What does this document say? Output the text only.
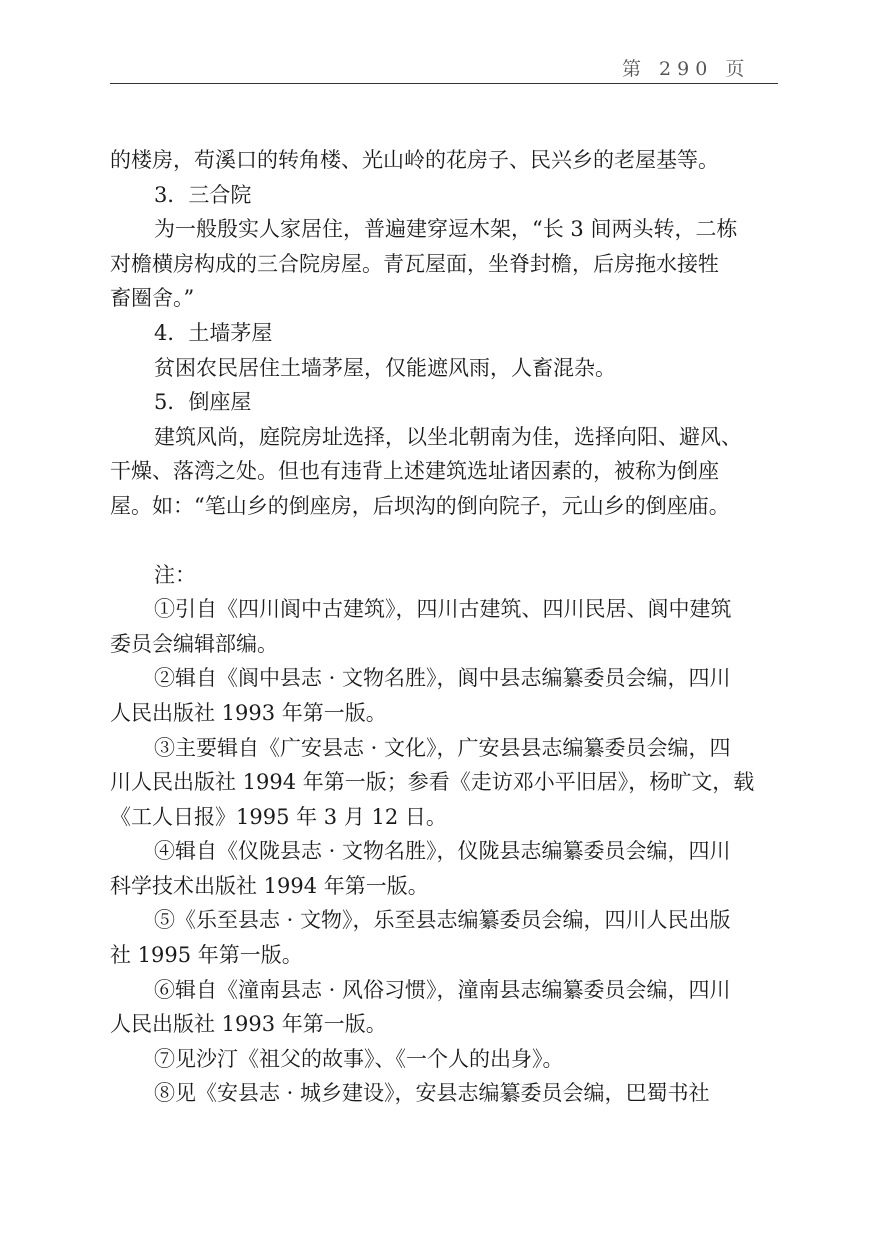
第 290 页

的楼房，苟溪口的转角楼、光山岭的花房子、民兴乡的老屋基等。

3．三合院

为一般殷实人家居住，普遍建穿逗木架，“长 3 间两头转，二栋

对檐横房构成的三合院房屋。青瓦屋面，坐脊封檐，后房拖水接牲

畜圈舍。”

4．土墙茅屋

贫困农民居住土墙茅屋，仅能遮风雨，人畜混杂。

5．倒座屋

建筑风尚，庭院房址选择，以坐北朝南为佳，选择向阳、避风、

干燥、落湾之处。但也有违背上述建筑选址诸因素的，被称为倒座

屋。如：“笔山乡的倒座房，后坝沟的倒向院子，元山乡的倒座庙。

注：

①引自《四川阆中古建筑》，四川古建筑、四川民居、阆中建筑

委员会编辑部编。

②辑自《阆中县志 · 文物名胜》，阆中县志编纂委员会编，四川

人民出版社 1993 年第一版。

③主要辑自《广安县志 · 文化》，广安县县志编纂委员会编，四

川人民出版社 1994 年第一版；参看《走访邓小平旧居》，杨旷文，载

《工人日报》1995 年 3 月 12 日。

④辑自《仪陇县志 · 文物名胜》，仪陇县志编纂委员会编，四川

科学技术出版社 1994 年第一版。

⑤《乐至县志 · 文物》，乐至县志编纂委员会编，四川人民出版

社 1995 年第一版。

⑥辑自《潼南县志 · 风俗习惯》，潼南县志编纂委员会编，四川

人民出版社 1993 年第一版。

⑦见沙汀《祖父的故事》、《一个人的出身》。

⑧见《安县志 · 城乡建设》，安县志编纂委员会编，巴蜀书社
